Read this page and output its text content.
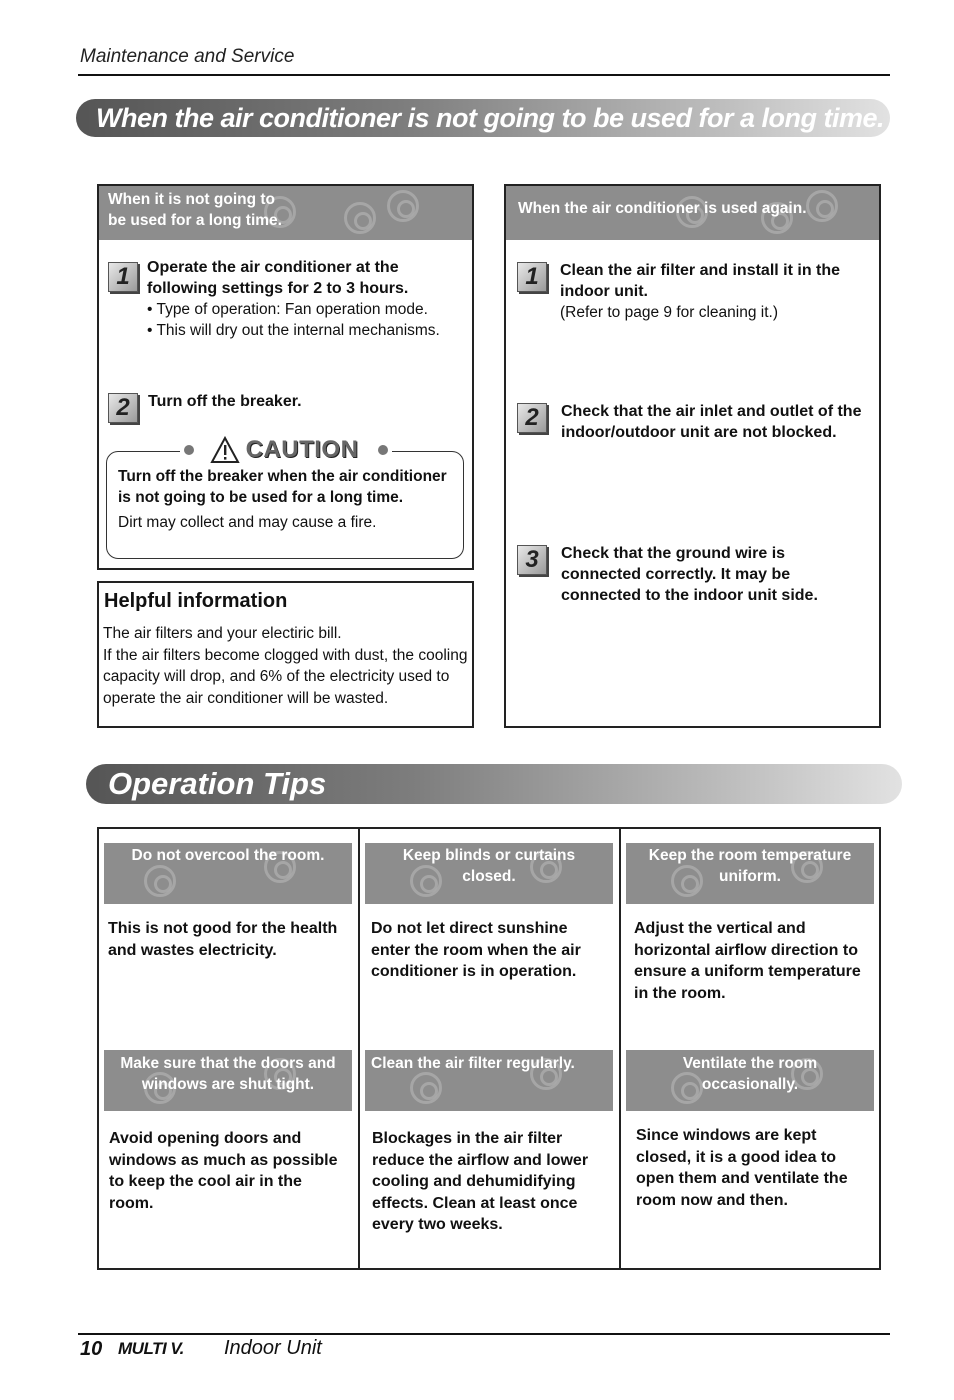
Maintenance and Service
When the air conditioner is not going to be used for a long time.
When it is not going to be used for a long time.
1	Operate the air conditioner at the following settings for 2 to 3 hours.
• Type of operation: Fan operation mode.
• This will dry out the internal mechanisms.
2	Turn off the breaker.
CAUTION
Turn off the breaker when the air conditioner is not going to be used for a long time.
Dirt may collect and may cause a fire.
Helpful information
The air filters and your electiric bill.
If the air filters become clogged with dust, the cooling capacity will drop, and 6% of the electricity used to operate the air conditioner will be wasted.
When the air conditioner is used again.
1	Clean the air filter and install it in the indoor unit.
(Refer to page 9 for cleaning it.)
2	Check that the air inlet and outlet of the indoor/outdoor unit are not blocked.
3	Check that the ground wire is connected correctly. It may be connected to the indoor unit side.
Operation Tips
Do not overcool the room.
This is not good for the health and wastes electricity.
Keep blinds or curtains closed.
Do not let direct sunshine enter the room when the air conditioner is in operation.
Keep the room temperature uniform.
Adjust the vertical and horizontal airflow direction to ensure a uniform temperature in the room.
Make sure that the doors and windows are shut tight.
Avoid opening doors and windows as much as possible to keep the cool air in the room.
Clean the air filter regularly.
Blockages in the air filter reduce the airflow and lower cooling and dehumidifying effects. Clean at least once every two weeks.
Ventilate the room occasionally.
Since windows are kept closed, it is a good idea to open them and ventilate the room now and then.
10 MULTI V. Indoor Unit
